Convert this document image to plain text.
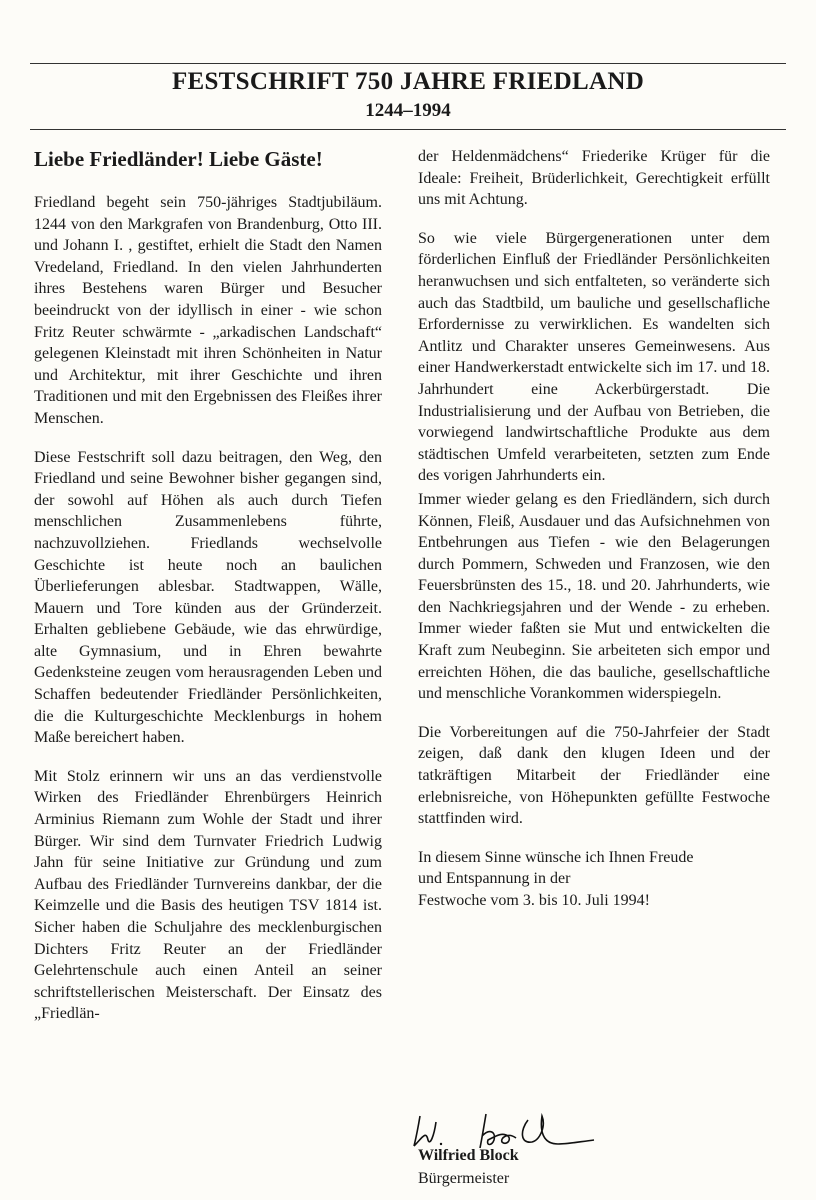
FESTSCHRIFT 750 JAHRE FRIEDLAND
1244–1994
Liebe Friedländer! Liebe Gäste!

Friedland begeht sein 750-jähriges Stadtjubiläum. 1244 von den Markgrafen von Brandenburg, Otto III. und Johann I. , gestiftet, erhielt die Stadt den Namen Vredeland, Friedland. In den vielen Jahrhunderten ihres Bestehens waren Bürger und Besucher beeindruckt von der idyllisch in einer - wie schon Fritz Reuter schwärmte - „arkadischen Landschaft“ gelegenen Kleinstadt mit ihren Schönheiten in Natur und Architektur, mit ihrer Geschichte und ihren Traditionen und mit den Ergebnissen des Fleißes ihrer Menschen.

Diese Festschrift soll dazu beitragen, den Weg, den Friedland und seine Bewohner bisher gegangen sind, der sowohl auf Höhen als auch durch Tiefen menschlichen Zusammenlebens führte, nachzuvollziehen. Friedlands wechselvolle Geschichte ist heute noch an baulichen Überlieferungen ablesbar. Stadtwappen, Wälle, Mauern und Tore künden aus der Gründerzeit. Erhalten gebliebene Gebäude, wie das ehrwürdige, alte Gymnasium, und in Ehren bewahrte Gedenksteine zeugen vom herausragenden Leben und Schaffen bedeutender Friedländer Persönlichkeiten, die die Kulturgeschichte Mecklenburgs in hohem Maße bereichert haben.

Mit Stolz erinnern wir uns an das verdienstvolle Wirken des Friedländer Ehrenbürgers Heinrich Arminius Riemann zum Wohle der Stadt und ihrer Bürger. Wir sind dem Turnvater Friedrich Ludwig Jahn für seine Initiative zur Gründung und zum Aufbau des Friedländer Turnvereins dankbar, der die Keimzelle und die Basis des heutigen TSV 1814 ist. Sicher haben die Schuljahre des mecklenburgischen Dichters Fritz Reuter an der Friedländer Gelehrtenschule auch einen Anteil an seiner schriftstellerischen Meisterschaft. Der Einsatz des „Friedlän-

der Heldenmädchens“ Friederike Krüger für die Ideale: Freiheit, Brüderlichkeit, Gerechtigkeit erfüllt uns mit Achtung.

So wie viele Bürgergenerationen unter dem förderlichen Einfluß der Friedländer Persönlichkeiten heranwuchsen und sich entfalteten, so veränderte sich auch das Stadtbild, um bauliche und gesellschafliche Erfordernisse zu verwirklichen. Es wandelten sich Antlitz und Charakter unseres Gemeinwesens. Aus einer Handwerkerstadt entwickelte sich im 17. und 18. Jahrhundert eine Ackerbürgerstadt. Die Industrialisierung und der Aufbau von Betrieben, die vorwiegend landwirtschaftliche Produkte aus dem städtischen Umfeld verarbeiteten, setzten zum Ende des vorigen Jahrhunderts ein.

Immer wieder gelang es den Friedländern, sich durch Können, Fleiß, Ausdauer und das Aufsichnehmen von Entbehrungen aus Tiefen - wie den Belagerungen durch Pommern, Schweden und Franzosen, wie den Feuersbrünsten des 15., 18. und 20. Jahrhunderts, wie den Nachkriegsjahren und der Wende - zu erheben. Immer wieder faßten sie Mut und entwickelten die Kraft zum Neubeginn. Sie arbeiteten sich empor und erreichten Höhen, die das bauliche, gesellschaftliche und menschliche Vorankommen widerspiegeln.

Die Vorbereitungen auf die 750-Jahrfeier der Stadt zeigen, daß dank den klugen Ideen und der tatkräftigen Mitarbeit der Friedländer eine erlebnisreiche, von Höhepunkten gefüllte Festwoche stattfinden wird.

In diesem Sinne wünsche ich Ihnen Freude
und Entspannung in der
Festwoche vom 3. bis 10. Juli 1994!
Wilfried Block
Bürgermeister
